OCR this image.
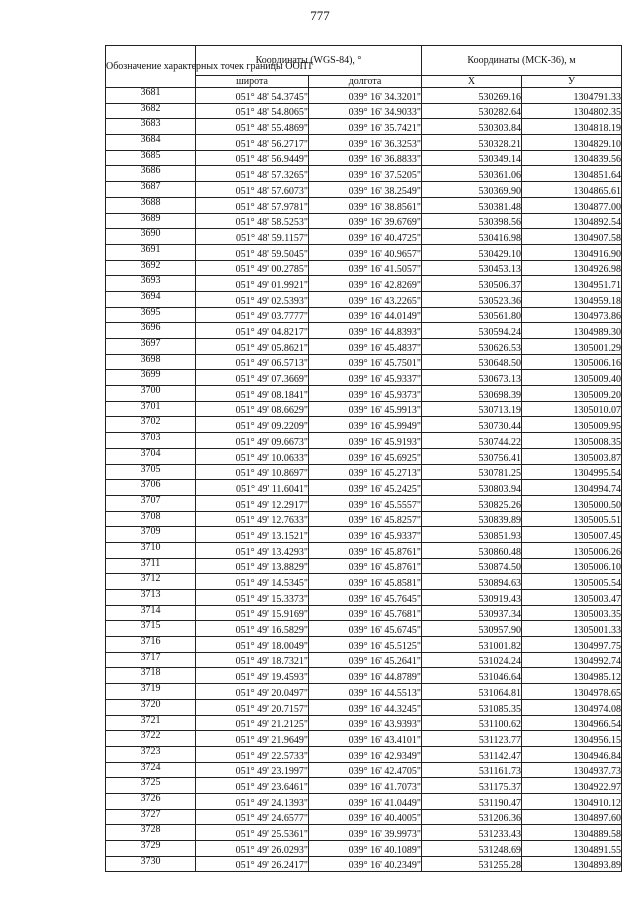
777
Обозначение характерных точек границы ООПТ	Координаты (WGS-84), °		Координаты (МСК-36), м	
	широта	долгота	X	У
3681	051° 48' 54.3745"	039° 16' 34.3201"	530269.16	1304791.33
3682	051° 48' 54.8065"	039° 16' 34.9033"	530282.64	1304802.35
3683	051° 48' 55.4869"	039° 16' 35.7421"	530303.84	1304818.19
3684	051° 48' 56.2717"	039° 16' 36.3253"	530328.21	1304829.10
3685	051° 48' 56.9449"	039° 16' 36.8833"	530349.14	1304839.56
3686	051° 48' 57.3265"	039° 16' 37.5205"	530361.06	1304851.64
3687	051° 48' 57.6073"	039° 16' 38.2549"	530369.90	1304865.61
3688	051° 48' 57.9781"	039° 16' 38.8561"	530381.48	1304877.00
3689	051° 48' 58.5253"	039° 16' 39.6769"	530398.56	1304892.54
3690	051° 48' 59.1157"	039° 16' 40.4725"	530416.98	1304907.58
3691	051° 48' 59.5045"	039° 16' 40.9657"	530429.10	1304916.90
3692	051° 49' 00.2785"	039° 16' 41.5057"	530453.13	1304926.98
3693	051° 49' 01.9921"	039° 16' 42.8269"	530506.37	1304951.71
3694	051° 49' 02.5393"	039° 16' 43.2265"	530523.36	1304959.18
3695	051° 49' 03.7777"	039° 16' 44.0149"	530561.80	1304973.86
3696	051° 49' 04.8217"	039° 16' 44.8393"	530594.24	1304989.30
3697	051° 49' 05.8621"	039° 16' 45.4837"	530626.53	1305001.29
3698	051° 49' 06.5713"	039° 16' 45.7501"	530648.50	1305006.16
3699	051° 49' 07.3669"	039° 16' 45.9337"	530673.13	1305009.40
3700	051° 49' 08.1841"	039° 16' 45.9373"	530698.39	1305009.20
3701	051° 49' 08.6629"	039° 16' 45.9913"	530713.19	1305010.07
3702	051° 49' 09.2209"	039° 16' 45.9949"	530730.44	1305009.95
3703	051° 49' 09.6673"	039° 16' 45.9193"	530744.22	1305008.35
3704	051° 49' 10.0633"	039° 16' 45.6925"	530756.41	1305003.87
3705	051° 49' 10.8697"	039° 16' 45.2713"	530781.25	1304995.54
3706	051° 49' 11.6041"	039° 16' 45.2425"	530803.94	1304994.74
3707	051° 49' 12.2917"	039° 16' 45.5557"	530825.26	1305000.50
3708	051° 49' 12.7633"	039° 16' 45.8257"	530839.89	1305005.51
3709	051° 49' 13.1521"	039° 16' 45.9337"	530851.93	1305007.45
3710	051° 49' 13.4293"	039° 16' 45.8761"	530860.48	1305006.26
3711	051° 49' 13.8829"	039° 16' 45.8761"	530874.50	1305006.10
3712	051° 49' 14.5345"	039° 16' 45.8581"	530894.63	1305005.54
3713	051° 49' 15.3373"	039° 16' 45.7645"	530919.43	1305003.47
3714	051° 49' 15.9169"	039° 16' 45.7681"	530937.34	1305003.35
3715	051° 49' 16.5829"	039° 16' 45.6745"	530957.90	1305001.33
3716	051° 49' 18.0049"	039° 16' 45.5125"	531001.82	1304997.75
3717	051° 49' 18.7321"	039° 16' 45.2641"	531024.24	1304992.74
3718	051° 49' 19.4593"	039° 16' 44.8789"	531046.64	1304985.12
3719	051° 49' 20.0497"	039° 16' 44.5513"	531064.81	1304978.65
3720	051° 49' 20.7157"	039° 16' 44.3245"	531085.35	1304974.08
3721	051° 49' 21.2125"	039° 16' 43.9393"	531100.62	1304966.54
3722	051° 49' 21.9649"	039° 16' 43.4101"	531123.77	1304956.15
3723	051° 49' 22.5733"	039° 16' 42.9349"	531142.47	1304946.84
3724	051° 49' 23.1997"	039° 16' 42.4705"	531161.73	1304937.73
3725	051° 49' 23.6461"	039° 16' 41.7073"	531175.37	1304922.97
3726	051° 49' 24.1393"	039° 16' 41.0449"	531190.47	1304910.12
3727	051° 49' 24.6577"	039° 16' 40.4005"	531206.36	1304897.60
3728	051° 49' 25.5361"	039° 16' 39.9973"	531233.43	1304889.58
3729	051° 49' 26.0293"	039° 16' 40.1089"	531248.69	1304891.55
3730	051° 49' 26.2417"	039° 16' 40.2349"	531255.28	1304893.89
